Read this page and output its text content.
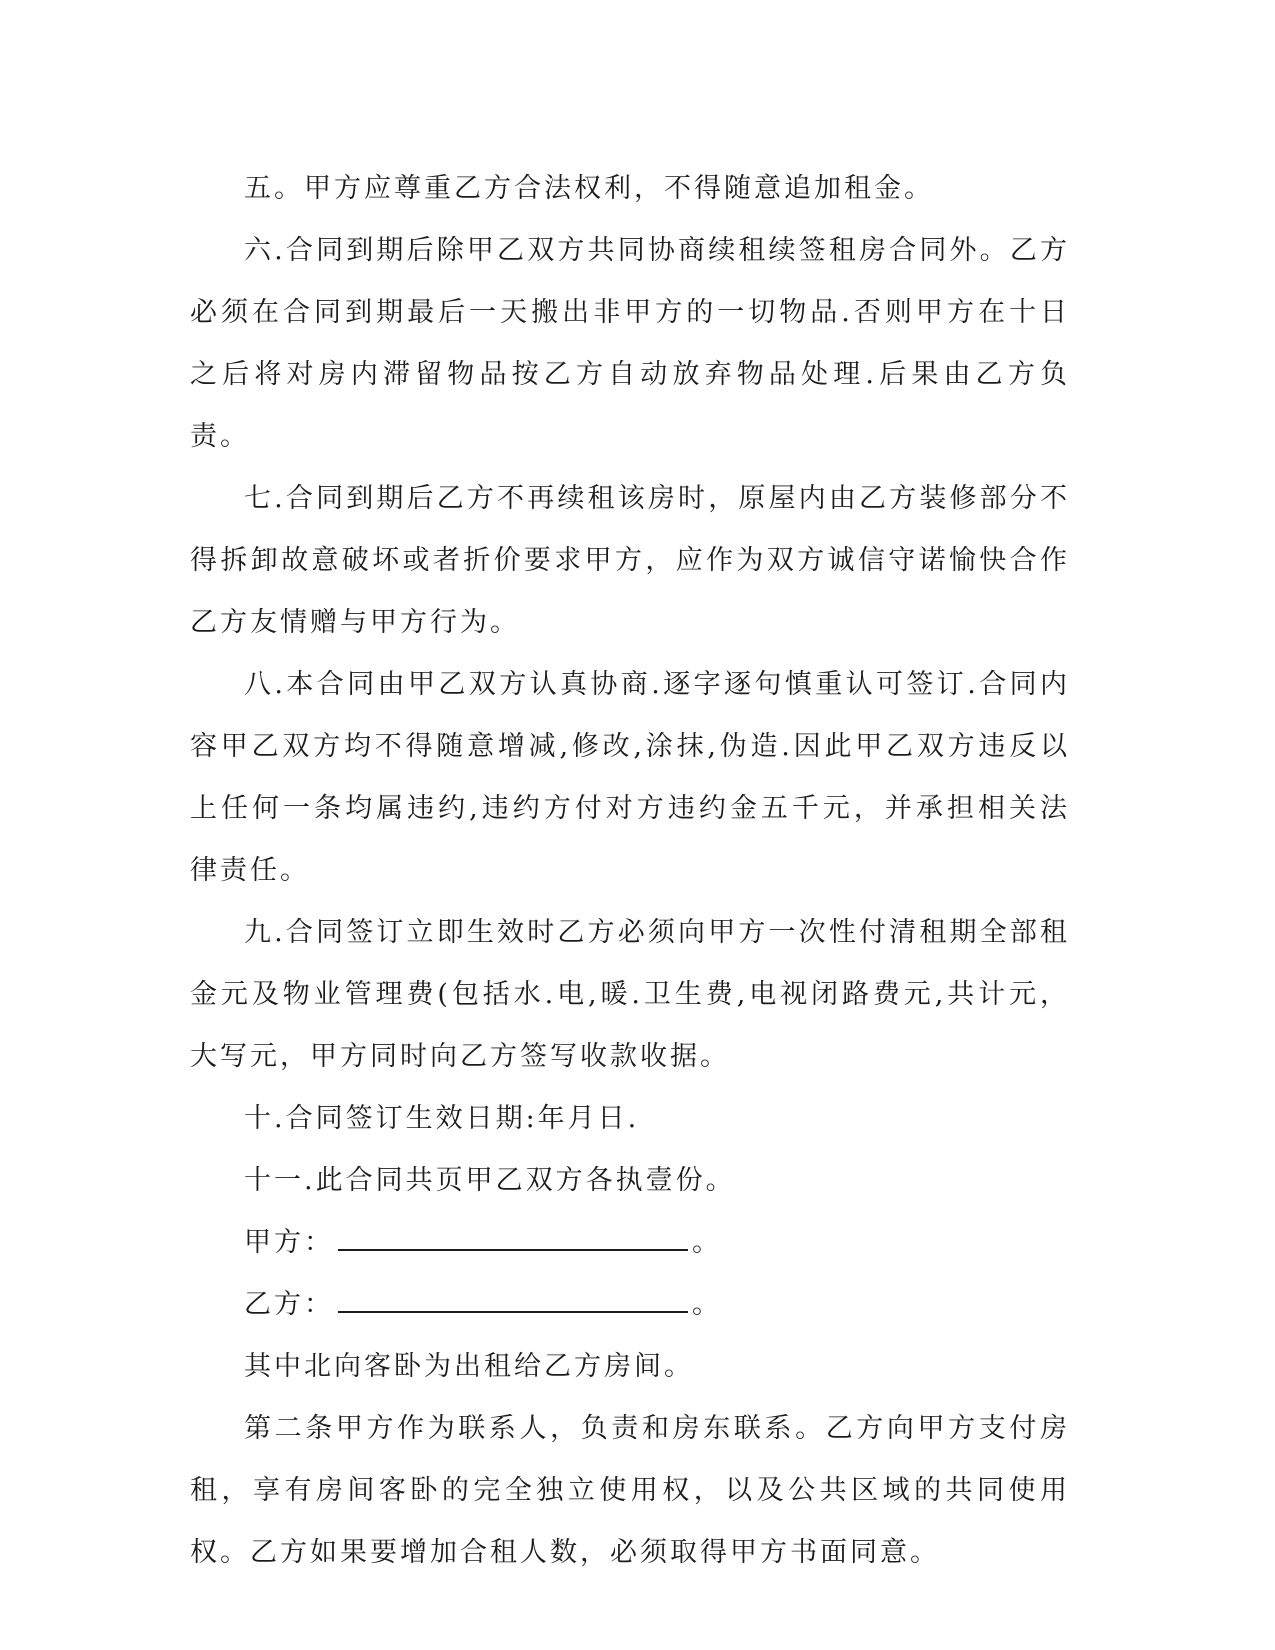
五。甲方应尊重乙方合法权利，不得随意追加租金。

六.合同到期后除甲乙双方共同协商续租续签租房合同外。乙方必须在合同到期最后一天搬出非甲方的一切物品.否则甲方在十日之后将对房内滞留物品按乙方自动放弃物品处理.后果由乙方负责。

七.合同到期后乙方不再续租该房时，原屋内由乙方装修部分不得拆卸故意破坏或者折价要求甲方，应作为双方诚信守诺愉快合作乙方友情赠与甲方行为。

八.本合同由甲乙双方认真协商.逐字逐句慎重认可签订.合同内容甲乙双方均不得随意增减,修改,涂抹,伪造.因此甲乙双方违反以上任何一条均属违约,违约方付对方违约金五千元，并承担相关法律责任。

九.合同签订立即生效时乙方必须向甲方一次性付清租期全部租金元及物业管理费(包括水.电,暖.卫生费,电视闭路费元,共计元，大写元，甲方同时向乙方签写收款收据。

十.合同签订生效日期:年月日.

十一.此合同共页甲乙双方各执壹份。

甲方：	。

乙方：	。

其中北向客卧为出租给乙方房间。

第二条甲方作为联系人，负责和房东联系。乙方向甲方支付房租，享有房间客卧的完全独立使用权，以及公共区域的共同使用权。乙方如果要增加合租人数，必须取得甲方书面同意。
